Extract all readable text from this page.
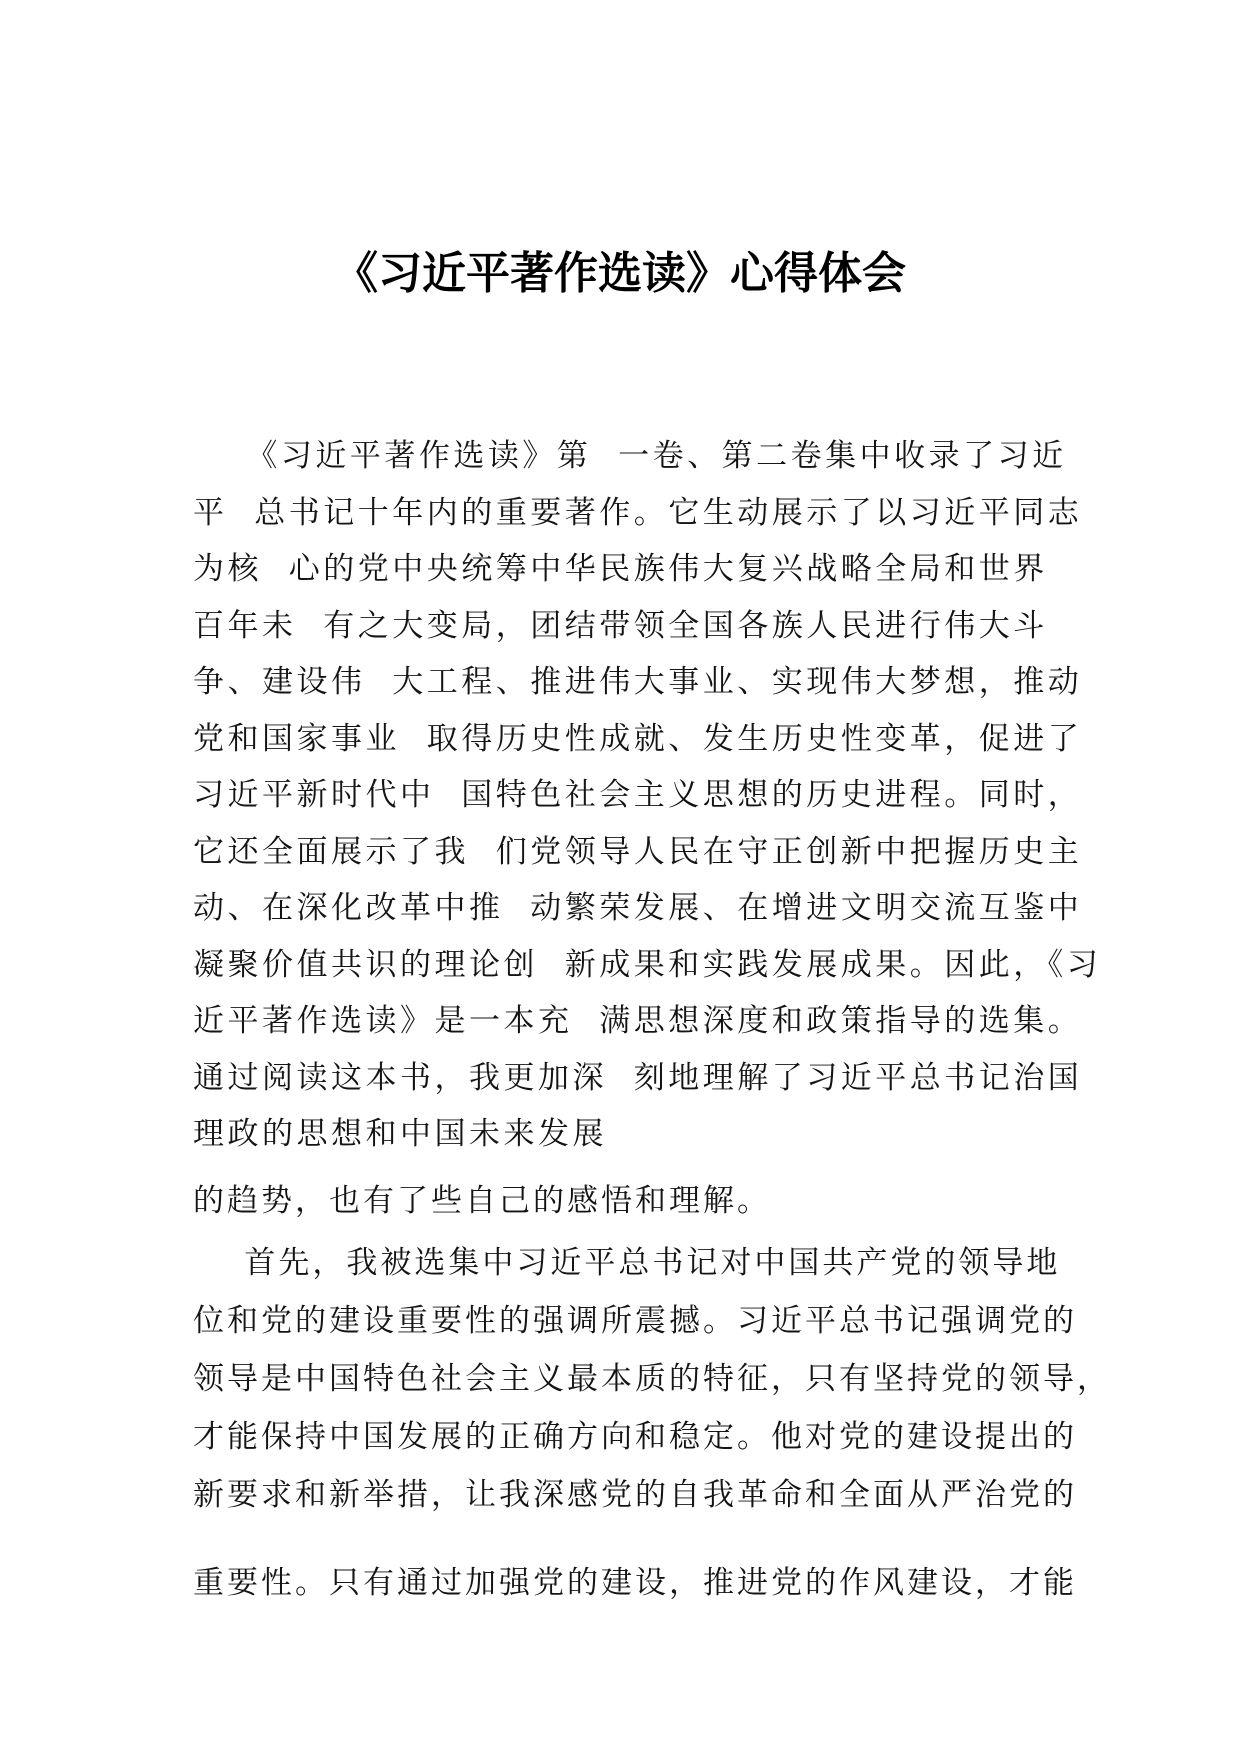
《习近平著作选读》心得体会
《习近平著作选读》第  一卷、第二卷集中收录了习近
平  总书记十年内的重要著作。它生动展示了以习近平同志
为核  心的党中央统筹中华民族伟大复兴战略全局和世界
百年未  有之大变局，团结带领全国各族人民进行伟大斗
争、建设伟  大工程、推进伟大事业、实现伟大梦想，推动
党和国家事业  取得历史性成就、发生历史性变革，促进了
习近平新时代中  国特色社会主义思想的历史进程。同时，
它还全面展示了我  们党领导人民在守正创新中把握历史主
动、在深化改革中推  动繁荣发展、在增进文明交流互鉴中
凝聚价值共识的理论创  新成果和实践发展成果。因此，《习
近平著作选读》是一本充  满思想深度和政策指导的选集。
通过阅读这本书，我更加深  刻地理解了习近平总书记治国
理政的思想和中国未来发展
的趋势，也有了些自己的感悟和理解。
首先，我被选集中习近平总书记对中国共产党的领导地
位和党的建设重要性的强调所震撼。习近平总书记强调党的
领导是中国特色社会主义最本质的特征，只有坚持党的领导，
才能保持中国发展的正确方向和稳定。他对党的建设提出的
新要求和新举措，让我深感党的自我革命和全面从严治党的
重要性。只有通过加强党的建设，推进党的作风建设，才能
